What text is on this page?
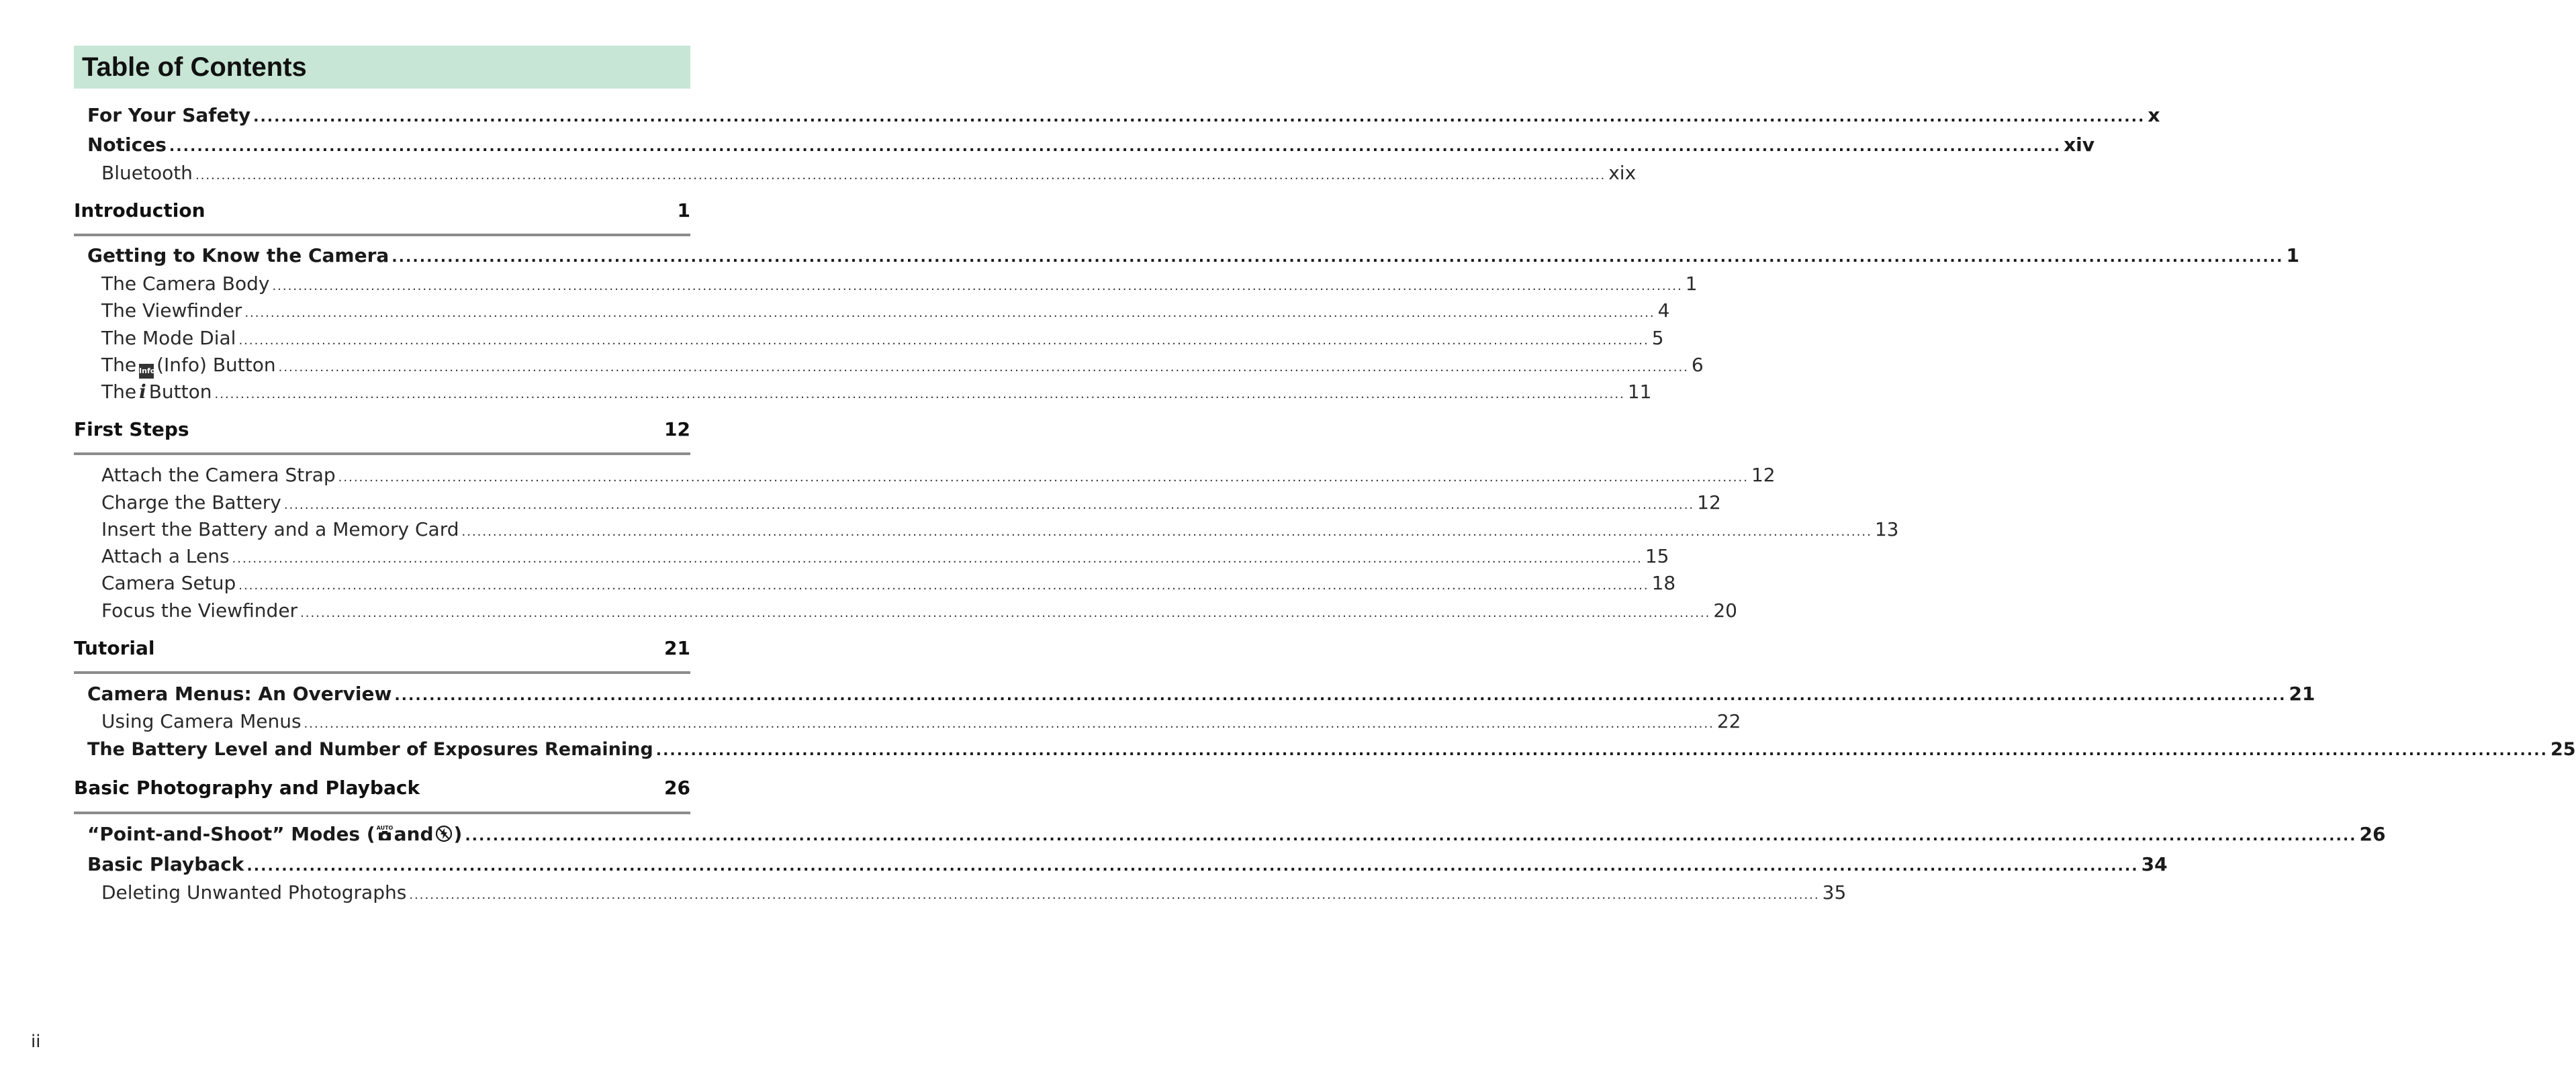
Table of Contents
For Your Safety ................................................................................................................................................................................................................................................................................ x
Notices ................................................................................................................................................................................................................................................................................ xiv
Bluetooth ................................................................................................................................................................................................................................................................................ xix
Introduction	1
Getting to Know the Camera ................................................................................................................................................................................................................................................................................ 1
The Camera Body ................................................................................................................................................................................................................................................................................ 1
The Viewfinder ................................................................................................................................................................................................................................................................................ 4
The Mode Dial ................................................................................................................................................................................................................................................................................ 5
The Info(Info) Button ................................................................................................................................................................................................................................................................................ 6
The i Button ................................................................................................................................................................................................................................................................................ 11
First Steps	12
Attach the Camera Strap ................................................................................................................................................................................................................................................................................ 12
Charge the Battery ................................................................................................................................................................................................................................................................................ 12
Insert the Battery and a Memory Card ................................................................................................................................................................................................................................................................................ 13
Attach a Lens ................................................................................................................................................................................................................................................................................ 15
Camera Setup ................................................................................................................................................................................................................................................................................ 18
Focus the Viewfinder ................................................................................................................................................................................................................................................................................ 20
Tutorial	21
Camera Menus: An Overview ................................................................................................................................................................................................................................................................................ 21
Using Camera Menus ................................................................................................................................................................................................................................................................................ 22
The Battery Level and Number of Exposures Remaining ................................................................................................................................................................................................................................................................................ 25
Basic Photography and Playback	26
“Point-and-Shoot” Modes ( AUTO and ) ................................................................................................................................................................................................................................................................................ 26
Basic Playback ................................................................................................................................................................................................................................................................................ 34
Deleting Unwanted Photographs ................................................................................................................................................................................................................................................................................ 35
ii
